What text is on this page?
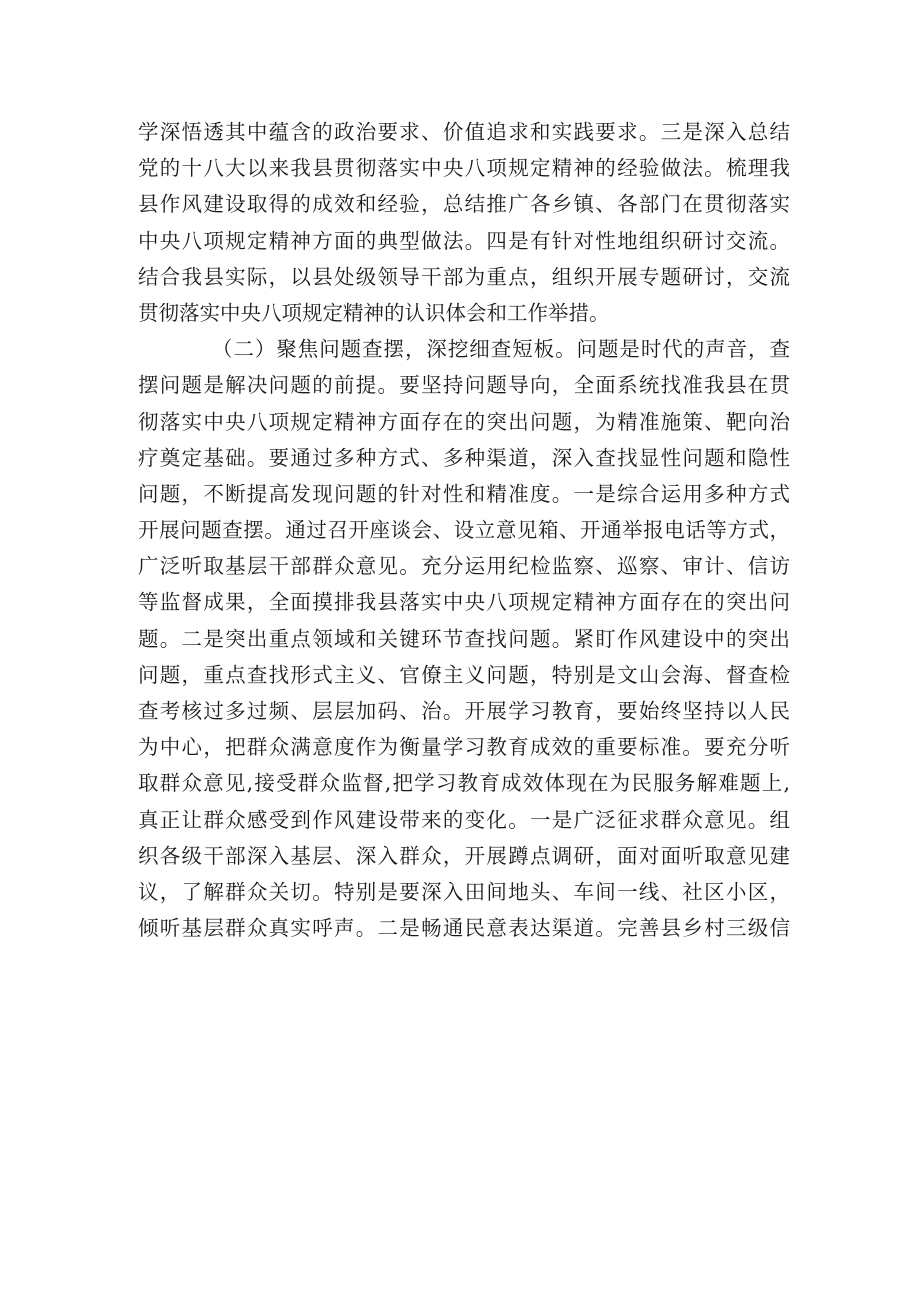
学深悟透其中蕴含的政治要求、价值追求和实践要求。三是深入总结
党的十八大以来我县贯彻落实中央八项规定精神的经验做法。梳理我
县作风建设取得的成效和经验，总结推广各乡镇、各部门在贯彻落实
中央八项规定精神方面的典型做法。四是有针对性地组织研讨交流。
结合我县实际，以县处级领导干部为重点，组织开展专题研讨，交流
贯彻落实中央八项规定精神的认识体会和工作举措。
（二）聚焦问题查摆，深挖细查短板。问题是时代的声音，查
摆问题是解决问题的前提。要坚持问题导向，全面系统找准我县在贯
彻落实中央八项规定精神方面存在的突出问题，为精准施策、靶向治
疗奠定基础。要通过多种方式、多种渠道，深入查找显性问题和隐性
问题，不断提高发现问题的针对性和精准度。一是综合运用多种方式
开展问题查摆。通过召开座谈会、设立意见箱、开通举报电话等方式，
广泛听取基层干部群众意见。充分运用纪检监察、巡察、审计、信访
等监督成果，全面摸排我县落实中央八项规定精神方面存在的突出问
题。二是突出重点领域和关键环节查找问题。紧盯作风建设中的突出
问题，重点查找形式主义、官僚主义问题，特别是文山会海、督查检
查考核过多过频、层层加码、治。开展学习教育，要始终坚持以人民
为中心，把群众满意度作为衡量学习教育成效的重要标准。要充分听
取群众意见,接受群众监督,把学习教育成效体现在为民服务解难题上,
真正让群众感受到作风建设带来的变化。一是广泛征求群众意见。组
织各级干部深入基层、深入群众，开展蹲点调研，面对面听取意见建
议，了解群众关切。特别是要深入田间地头、车间一线、社区小区，
倾听基层群众真实呼声。二是畅通民意表达渠道。完善县乡村三级信
